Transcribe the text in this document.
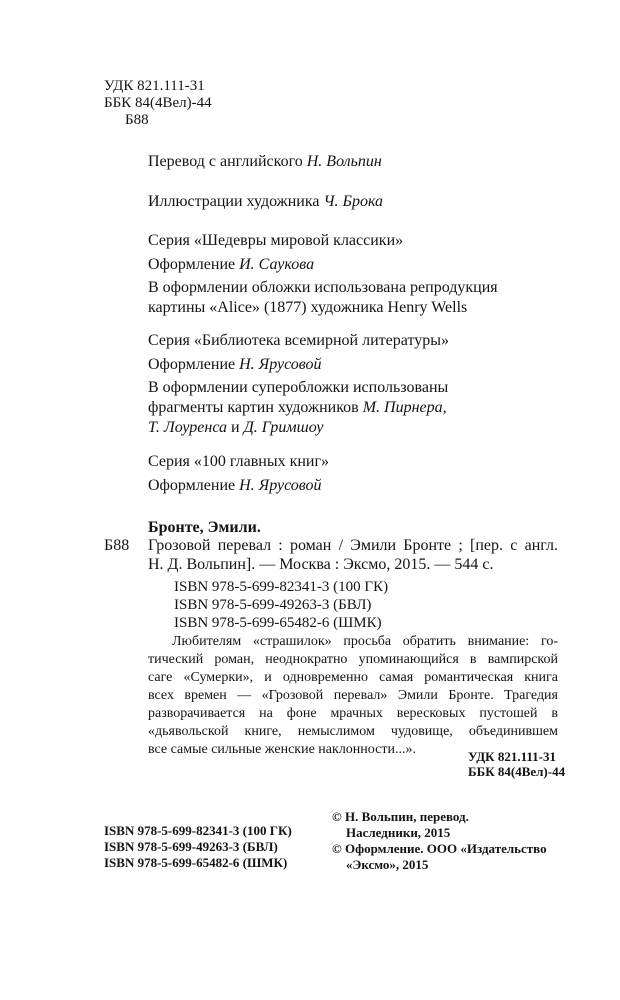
УДК 821.111-31
ББК 84(4Вел)-44
Б88
Перевод с английского Н. Вольпин
Иллюстрации художника Ч. Брока
Серия «Шедевры мировой классики»
Оформление И. Саукова
В оформлении обложки использована репродукция
картины «Alice» (1877) художника Henry Wells
Серия «Библиотека всемирной литературы»
Оформление Н. Ярусовой
В оформлении суперобложки использованы
фрагменты картин художников М. Пирнера,
Т. Лоуренса и Д. Гримшоу
Серия «100 главных книг»
Оформление Н. Ярусовой
Бронте, Эмили.
Б88 Грозовой перевал : роман / Эмили Бронте ; [пер. с англ.
Н. Д. Вольпин]. — Москва : Эксмо, 2015. — 544 с.
ISBN 978-5-699-82341-3 (100 ГК)
ISBN 978-5-699-49263-3 (БВЛ)
ISBN 978-5-699-65482-6 (ШМК)
Любителям «страшилок» просьба обратить внимание: го-
тический роман, неоднократно упоминающийся в вампирской
саге «Сумерки», и одновременно самая романтическая книга
всех времен — «Грозовой перевал» Эмили Бронте. Трагедия
разворачивается на фоне мрачных вересковых пустошей в
«дьявольской книге, немыслимом чудовище, объединившем
все самые сильные женские наклонности...».	УДК 821.111-31
ББК 84(4Вел)-44
ISBN 978-5-699-82341-3 (100 ГК)
ISBN 978-5-699-49263-3 (БВЛ)
ISBN 978-5-699-65482-6 (ШМК)
© Н. Вольпин, перевод.
Наследники, 2015
© Оформление. ООО «Издательство
«Эксмо», 2015
